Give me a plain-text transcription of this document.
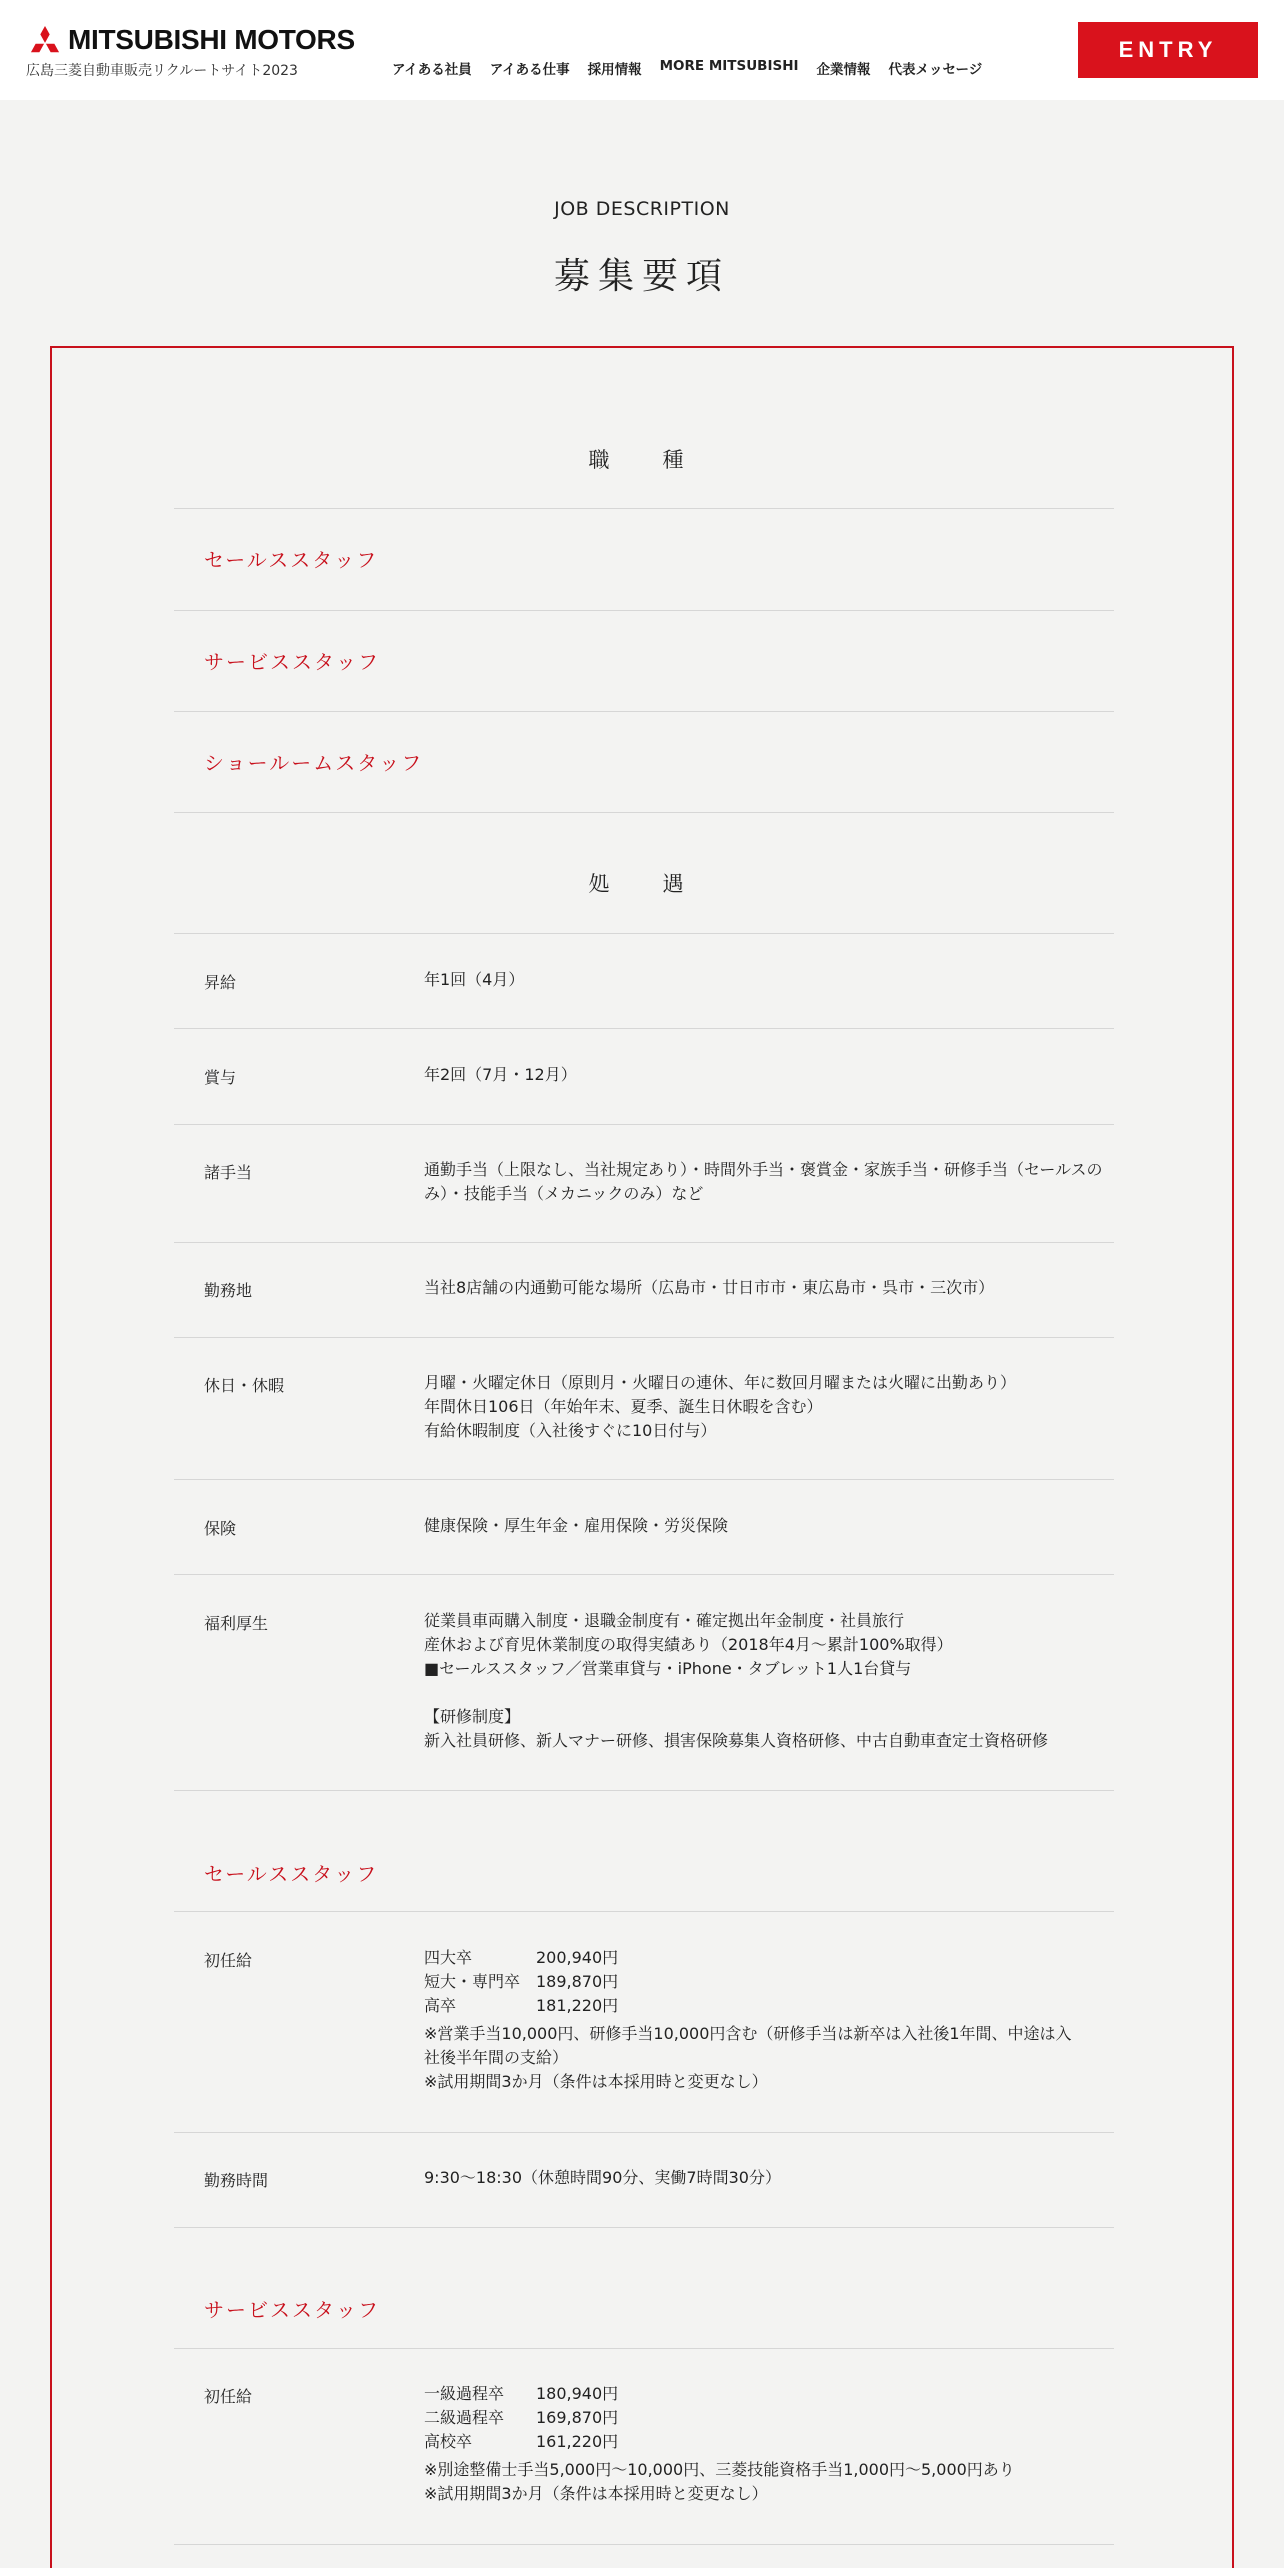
MITSUBISHI MOTORS
広島三菱自動車販売リクルートサイト2023	アイある社員 アイある仕事 採用情報 MORE MITSUBISHI 企業情報 代表メッセージ
ENTRY
JOB DESCRIPTION
募集要項
職　種
セールススタッフ
サービススタッフ
ショールームスタッフ
処　遇
昇給	年1回（4月）
賞与	年2回（7月・12月）
諸手当	通勤手当（上限なし、当社規定あり）・時間外手当・褒賞金・家族手当・研修手当（セールスの
み）・技能手当（メカニックのみ）など
勤務地	当社8店舗の内通勤可能な場所（広島市・廿日市市・東広島市・呉市・三次市）
休日・休暇	月曜・火曜定休日（原則月・火曜日の連休、年に数回月曜または火曜に出勤あり）
年間休日106日（年始年末、夏季、誕生日休暇を含む）
有給休暇制度（入社後すぐに10日付与）
保険	健康保険・厚生年金・雇用保険・労災保険
福利厚生	従業員車両購入制度・退職金制度有・確定拠出年金制度・社員旅行
産休および育児休業制度の取得実績あり（2018年4月～累計100%取得）
■セールススタッフ／営業車貸与・iPhone・タブレット1人1台貸与
【研修制度】
新入社員研修、新人マナー研修、損害保険募集人資格研修、中古自動車査定士資格研修
セールススタッフ
初任給	四大卒	200,940円
短大・専門卒 189,870円
高卒	181,220円
※営業手当10,000円、研修手当10,000円含む（研修手当は新卒は入社後1年間、中途は入
社後半年間の支給）
※試用期間3か月（条件は本採用時と変更なし）
勤務時間	9:30～18:30（休憩時間90分、実働7時間30分）
サービススタッフ
初任給	一級過程卒	180,940円
二級過程卒	169,870円
高校卒	161,220円
※別途整備士手当5,000円～10,000円、三菱技能資格手当1,000円～5,000円あり
※試用期間3か月（条件は本採用時と変更なし）
